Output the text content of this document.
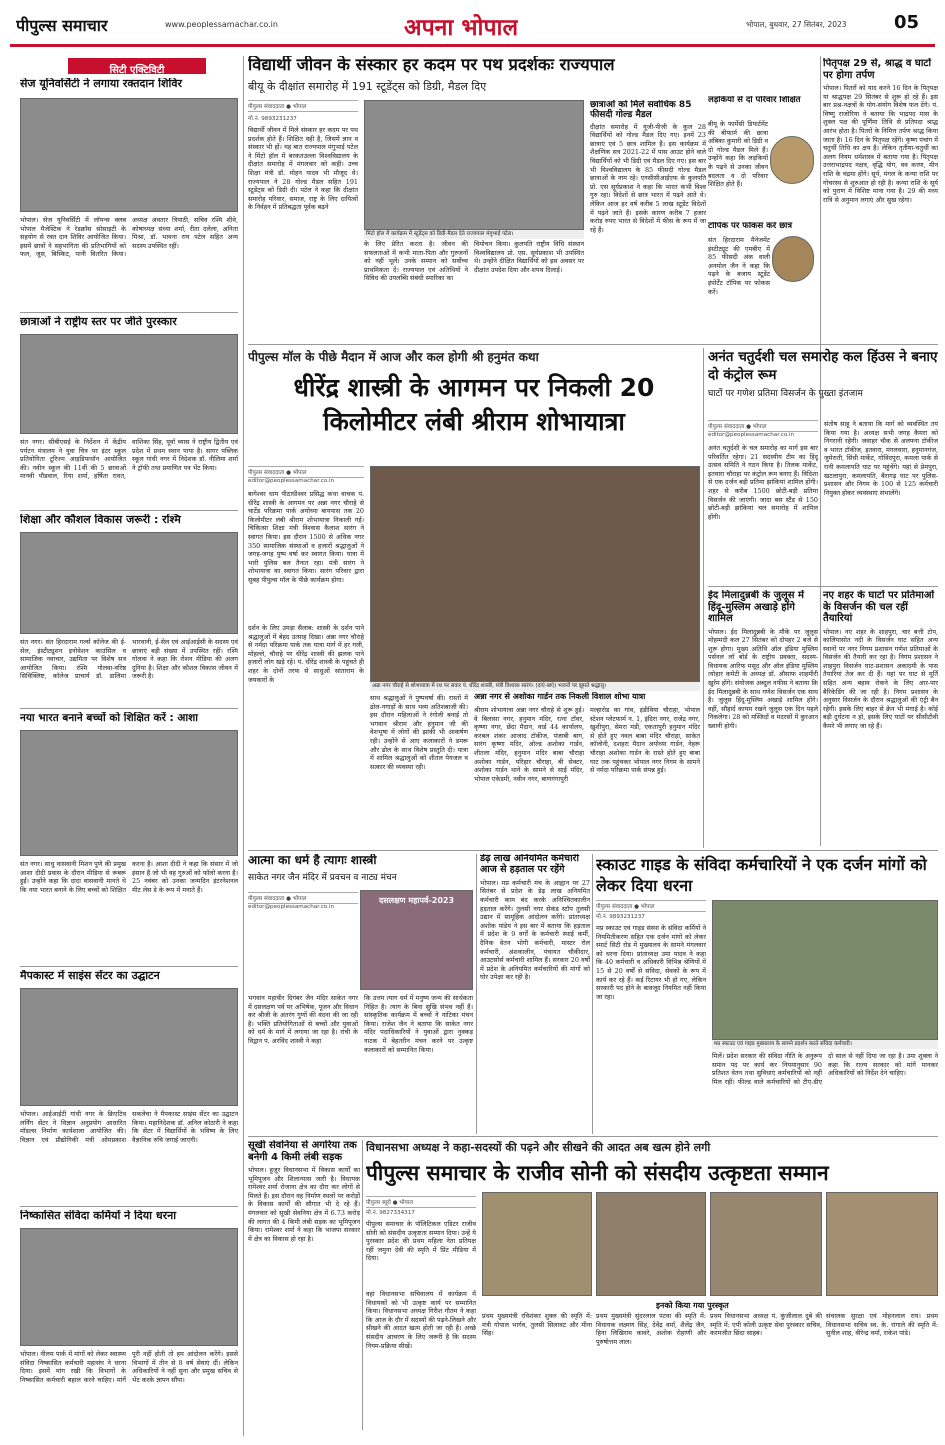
पीपुल्स समाचार	www.peoplessamachar.co.in	अपना भोपाल	भोपाल, बुधवार, 27 सितंबर, 2023	05
सिटी एक्टिविटी
सेज यूनिवर्सिटी ने लगाया रक्तदान शिविर
भोपाल। सेज यूनिवर्सिटी में लॉयन्स क्लब भोपाल मैजेस्टिक ने रेडक्रॉस सोसाइटी के सहयोग से रक्त दान शिविर आयोजित किया। इसमें छात्रों ने सहभागिता की प्रतिभागियों को फल, जूस, बिस्किट, पानी वितरित किया। अध्यक्ष अवतार त्रिपाठी, सचिव रश्मि शीवे, कोषाध्यक्ष संध्या शर्मा, रीता दलेला, अनिता मिश्रा, डॉ. भावना राय पटेल सहित अन्य सदस्य उपस्थित रहीं।
छात्राओं ने राष्ट्रीय स्तर पर जीते पुरस्कार
संत नगर। सीबीएसई के निर्देशन में केंद्रीय पर्यटन मंत्रालय ने युवा चित्र पर इंटर स्कूल प्रतियोगिता टूरिज्म आइडियाथॉन आयोजित की। नवीन स्कूल की 11वीं की 5 छात्राओं मानवी पौडवाल, रिया शर्मा, हर्षिता रावत, वाशिका सिंह, पूर्वा व्यास ने राष्ट्रीय द्वितीय एवं प्रदेश में प्रथम स्थान पाया है। सागर पब्लिक स्कूल गांधी नगर में निदेशक डॉ. नीलिमा शर्मा ने ट्रॉफी तथा प्रमाणित पत्र भेंट किया।
शिक्षा और कौशल विकास जरूरी : रश्मि
संत नगर। संत हिरदाराम गर्ल्स कॉलेज की ई-सेल, इंस्टीट्यूशन इनोवेशन काउंसिल व सामाजिक नवाचार, उद्यमिता पर विशेष सत्र आयोजित किया। रश्मि गोलवा-वरिष्ठ सिविक्लिष्ट, कॉलेज प्राचार्य डॉ. डालिमा भारवानी, ई-सेल एवं आईआईसी के सदस्य एवं छात्राएं बड़ी संख्या में उपस्थित रहीं। रश्मि गोलवा ने कहा कि रोशन मीडिया की अलग दुनिया है। शिक्षा और कौशल विकास जीवन में जरूरी है।
नया भारत बनाने बच्चों को शिक्षित करें : आशा
संत नगर। साधु वासवानी मिशन पुणे की प्रमुख आशा दीदी प्रवास के दौरान मीडिया से रूबरू हुईं। उन्होंने कहा कि दादा वासवानी मानते थे कि नया भारत बनाने के लिए बच्चों को शिक्षित करना है। आशा दीदी ने कहा कि संसार में जो इंसान है जो भी वह गुरुओं को फॉलो करना है। 25 नवंबर को उनका जन्मदिन इंटरनेशनल मीट लेस डे के रूप में मनाते हैं।
मैपकास्ट में साइंस सेंटर का उद्घाटन
भोपाल। आईआईटी गांधी नगर के क्रिएटिव लर्निंग सेंटर ने विज्ञान अनुप्रयोग आधारित मॉडल्स निर्माण कार्यशाला आयोजित की। विज्ञान एवं प्रौद्योगिकी मंत्री ओमप्रकाश सकलेचा ने मैपकास्ट साइंस सेंटर का उद्घाटन किया। महानिदेशक डॉ. अनिल कोठारी ने कहा कि सेंटर में विद्यार्थियों के भविष्य के लिए वैज्ञानिक रुचि जगाई जाएगी।
निष्कासित संविदा कर्मियों ने दिया धरना
भोपाल। नीलम पार्क में मांगों को लेकर स्वास्थ्य संविदा निष्कासित कर्मचारी महासंघ ने धरना दिया। इसमें मांग रखी कि विभागों के निष्कासित कर्मचारी बहाल करने चाहिए। मांगें पूरी नहीं होती तो हम आंदोलन करेंगे। इससे विभागों में तीन से 8 वर्ष सेवाएं दीं। लेकिन अधिकारियों ने नहीं सुना और प्रमुख सचिव से भेंट करके ज्ञापन सौंपा।
विद्यार्थी जीवन के संस्कार हर कदम पर पथ प्रदर्शकः राज्यपाल
बीयू के दीक्षांत समारोह में 191 स्टूडेंट्स को डिग्री, मैडल दिए
पीपुल्स संवाददाता ● भोपाल
मो.नं. 9893231237
विद्यार्थी जीवन में मिले संस्कार हर कदम पर पथ प्रदर्शक होते हैं। शिक्षित वही है, जिसमें ज्ञान व संस्कार भी हों। यह बात राज्यपाल मंगुभाई पटेल ने मिंटो हॉल में बरकतउल्ला विश्वविद्यालय के दीक्षांत समारोह में मंगलवार को कही। उच्च शिक्षा मंत्री डॉ. मोहन यादव भी मौजूद थे। राज्यपाल ने 28 गोल्ड मैडल सहित 191 स्टूडेंट्स को डिग्री दी। पटेल ने कहा कि दीक्षांत समारोह परिवार, समाज, राष्ट्र के लिए दायित्वों के निर्वहन में प्रतिबद्धता पूर्वक बढ़ने
मिंटो हॉल में कार्यक्रम में स्टूडेंट्स को डिग्री-मैडल देते राज्यपाल मंगुभाई पटेल।
के लिए प्रेरित करता है। जीवन की सफलताओं में कभी माता-पिता और गुरुजनों को नहीं भूलें। उनके सम्मान को सर्वोच्च प्राथमिकता दें। राज्यपाल एवं अतिथियों ने विविध की उपलब्धि संबंधी स्मारिका का
विमोचन किया। कुलपति राष्ट्रीय विधि संस्थान विश्वविद्यालय प्रो. एस. सूर्यप्रकाश भी उपस्थित थे। उन्होंने दीक्षित विद्यार्थियों को इस अवसर पर दीक्षांत उपदेश दिया और शपथ दिलाई।
छात्राओं को मिले सर्वाधिक 85 फीसदी गोल्ड मैडल
दीक्षांत समारोह में यूजी-पीजी के कुल 28 विद्यार्थियों को गोल्ड मैडल दिए गए। इनमें 23 छात्राएं एवं 5 छात्र शामिल हैं। इस कार्यक्रम में शैक्षणिक सत्र 2021-22 में पास आउट होने वाले विद्यार्थियों को भी डिग्री एवं मैडल दिए गए। इस बार भी विश्वविद्यालय के 85 फीसदी गोल्ड मैडल छात्राओं के नाम रहे। एनसीसीआईएफ के कुलपति प्रो. एस सूर्यप्रकाश ने कहा कि भारत कभी विश्व गुरु रहा। विदेशों से छात्र भारत में पढ़ने आते थे। लेकिन आज हर वर्ष करीब 5 लाख स्टूडेंट विदेशों में पढ़ने जाते हैं। इसके कारण करीब 7 हजार करोड़ रुपए भारत से विदेशों में फीस के रूप में जा रहे हैं।
लड़कियों से दो परिवार शिक्षित
बीयू के फार्मेसी डिपार्टमेंट की बीफार्म की छात्रा अंबिका कुमारी को डिग्री व दो गोल्ड मैडल मिले हैं। उन्होंने कहा कि लड़कियों के पढ़ने से उनका जीवन बदलता व दो परिवार शिक्षित होते हैं।
टॉपिक पर फोकस करें छात्र
संत हिरदाराम मैनेजमेंट इंस्टीट्यूट की एमबीए में 85 फीसदी अंक वाली अनमोल जैन ने कहा कि पढ़ने के बजाय स्टूडेंट इंपोर्टेंट टॉपिक पर फोकस करें।
पितृपक्ष 29 से, श्राद्ध व घाटों पर होगा तर्पण
भोपाल। पितरों को याद करने 16 दिन के पितृपक्ष या श्राद्धपक्ष 29 सितंबर से शुरू हो रहे हैं। इस बार प्रश्न-नक्षत्रों के योग-संयोग विशेष फल देंगे। पं. विष्णु राजोरिया ने बताया कि भाद्रपद मास के शुक्ल पक्ष की पूर्णिमा तिथि से प्रतिपदा श्राद्ध आरंभ होता है। पितरों के निमित्त तर्पण श्राद्ध किया जाता है। 16 दिन के पितृपक्ष रहेंगे। कृष्ण पंचांग में चतुर्थी तिथि का क्षय है। लेकिन तृतीया-चतुर्थी का अलग नियम धर्मशास्त्र में बताया गया है। पितृपक्ष उत्तराभाद्रपद नक्षत्र, वृद्धि योग, वव करण, मीन राशि के चंद्रमा होंगे। सूर्य, मंगल के कन्या राशि पर गोचरस्थ से शुरुआत हो रही है। कन्या राशि के सूर्य को पुराण में विशिष्ट माना गया है। 29 की मध्य रात्रि से अनुमान लगाएं और सुख रहेगा।
पीपुल्स मॉल के पीछे मैदान में आज और कल होगी श्री हनुमंत कथा
धीरेंद्र शास्त्री के आगमन पर निकली 20 किलोमीटर लंबी श्रीराम शोभायात्रा
पीपुल्स संवाददाता ● भोपाल
editor@peoplessamachar.co.in
बागेश्वर धाम पीठाधीश्वर प्रसिद्ध कथा वाचक पं. धीरेंद्र शास्त्री के आगमन पर अन्ना नगर चौराहे से चार्टेड परिक्रमा पार्क अयोध्या बायपास तक 20 किलोमीटर लंबी श्रीराम शोभायात्रा निकाली गई। चिकित्सा शिक्षा मंत्री विश्वास कैलाश सारंग ने स्वागत किया। इस दौरान 1500 से अधिक नगर 350 सामाजिक संस्थाओं व हजारों श्रद्धालुओं ने जगह-जगह पुष्प वर्षा कर स्वागत किया। यात्रा में भारी पुलिस बल तैनात रहा। मंत्री सारंग ने शोभायात्रा का स्वागत किया। सारंग परिवार द्वारा सुबह पीपुल्स मॉल के पीछे कार्यक्रम होगा।
दर्शन के लिए उमड़ा सैलाब: शास्त्री के दर्शन पाने श्रद्धालुओं में बेहद उत्साह दिखा। अन्ना नगर चौराहे से नर्मदा परिक्रमा पार्क तक यात्रा मार्ग में हर गली, मोहल्ले, चौराहे पर धीरेंद्र शास्त्री की झलक पाने हजारों लोग खड़े रहे। पं. धीरेंद्र शास्त्री के पहुंचते ही शहर के दोनों तरफ से साधुओं सांताराम के जयकारों के
अन्ना नगर चौराहे से शोभायात्रा में रथ पर सवार पं. धीरेंद्र शास्त्री, मंत्री विश्वास सारंग। (दाएं-बाएं) भजनों पर झूमते श्रद्धालु।
साथ श्रद्धालुओं ने पुष्पवर्षा की। रास्तों में ढोल-नगाड़ों के साथ भव्य अतिशबाजी की। इस दौरान महिलाओं ने रंगोली बनाई तो भगवान श्रीराम और हनुमान जी की वेशभूषा में लोगों की झांकी भी आकर्षण रही। उन्होंने से आए कलाकारों ने डमरू और ढोल के साथ विशेष प्रस्तुति दी। यात्रा में शामिल श्रद्धालुओं को शीतल पेयजल व सत्कार की व्यवस्था रही।
अन्ना नगर से अशोका गार्डन तक निकली विशाल शोभा यात्रा
श्रीराम शोभायात्रा अन्ना नगर चौराहे से शुरू हुई। वे बिलासा नगर, हनुमान मंदिर, रत्ना टॉवर, कृष्णा नगर, छेंदा मैदान, वार्ड 44 कार्यालय, करबल शंकर आजाद टॉकीज, पंजाबी बाग, सारंग कृष्णा मंदिर, ओल्ड अशोका गार्डन, शीतला मंदिर, हनुमान मंदिर बाबा चौराहा अशोका गार्डन, परिहार चौराहा, बी सेक्टर, अशोका गार्डन थाने के सामने से साईं मंदिर, भोपाल एकेडमी, नवीन नगर, बाणगंगापुरी
मल्हारोड का गांव, इंडीविया चौराहा, भोपाल स्टेशन प्लेटफार्म न. 1, इंदिरा नगर, राजेंद्र नगर, खुशीपुरा, सेमरा मंडी, एकतापुरी हनुमान मंदिर से होते हुए नवल बाबा मंदिर चौराहा, साकेत कॉलोनी, दशहरा मैदान अयोध्या गार्डन, नेहरू चौराहा अशोका गार्डन के रास्ते होते हुए बाबा घाट तक पहुंचकर भोपाल नगर निगम के सामने से नर्मदा परिक्रमा पार्क संपन्न हुई।
अनंत चतुर्दशी चल समारोह कल हिंउस ने बनाए दो कंट्रोल रूम
घाटों पर गणेश प्रतिमा विसर्जन के पुख्ता इंतजाम
पीपुल्स संवाददाता ● भोपाल
editor@peoplessamachar.co.in
अनंत चतुर्दशी के चल समारोह का मार्ग इस बार परिवर्तित रहेगा। 21 सदस्यीय टीम का हिंदू उत्सव समिति ने गठन किया है। तिलक मार्केट, इतवारा चौराहा पर कंट्रोल रूम बनाए हैं। विदिशा से एक दर्जन बड़ी प्रतिमा झांकियां शामिल होंगी। शहर से करीब 1500 छोटी-बड़ी प्रतिमा विसर्जन की जाएंगी। जादा बस स्टैंड से 150 छोटी-बड़ी झांकियां चल समारोह में शामिल होंगी।
संतोष साहू ने बताया कि मार्ग को व्यवस्थित तय किया गया है। अध्यक्ष सभी जगह कैमरा को निगरानी रहेगी। जवाहर चौक से अलफ्ना टॉकीज व भारत टॉकीज, इतवारा, मंगलवारा, हनुमानगंज, जुमेराती, सिंधी मार्केट, गोविंदपुरा, कमला पार्क से रानी कमलापति घाट पर पहुंचेंगे। यहां से प्रेमपुरा, खटलापुरा, कमलापति, बैरागढ़ घाट पर पुलिस-प्रशासन और निगम के 100 से 125 कर्मचारी नियुक्त होकर व्यवस्थाएं संभालेंगे।
ईद मिलादुन्नबी के जुलूस में हिंदू-मुस्लिम अखाड़े होंगे शामिल
भोपाल। ईद मिलादुन्नबी के मौके पर जुलूस मोहम्मदी कल 27 सितंबर को दोपहर 2 बजे से शुरू होगा। मुख्य अतिथि ऑल इंडिया मुस्लिम पर्सनल लॉ बोर्ड के राष्ट्रीय प्रवक्ता, सदस्य-विधायक आरिफ मसूद और ऑल इंडिया मुस्लिम त्योहार कमेटी के अध्यक्ष डॉ. औसाफ शाहमीरी खुर्रम होंगे। संयोजक अब्दुल नफीस ने बताया कि ईद मिलादुन्नबी के साथ गणेश विसर्जन एक साथ है। जुलूस हिंदू-मुस्लिम अखाड़े शामिल होंगे। वहीं, सौहार्द कायम रखने जुलूस एक दिन पहले निकलेगा। 28 को मस्जिदों व मदरसों में कुरआन ख्वानी होगी।
नए शहर के घाटों पर प्रतिमाओं के विसर्जन की चल रहीं तैयारियां
भोपाल। नए शहर के शाहपुरा, चार बत्ती टोप, कालियासोत नदी के विसर्जन घाट सहित अन्य स्थानों पर नगर निगम प्रशासन गणेश प्रतिमाओं के विसर्जन की तैयारी कर रहा है। निगम प्रशासन ने शाहपुरा विसर्जन घाट-प्रशासन अकादमी के पास तैयारियां तेज कर दी हैं। यहां पर घाट से मूर्ति सहित अन्य बहाव रोकने के लिए आर-पार बैरिकेडिंग की जा रही है। निगम प्रशासन के अनुसार विसर्जन के दौरान श्रद्धालुओं की एंट्री बैन रहेगी। इसके लिए बाहर से क्रेन भी मंगाई है। कोई बड़ी दुर्घटना न हो, इसके लिए घाटों पर सीसीटीवी कैमरे भी लगाए जा रहे हैं।
आत्मा का धर्म है त्यागः शास्त्री
साकेत नगर जैन मंदिर में प्रवचन व नाट्य मंचन
पीपुल्स संवाददाता ● भोपाल
editor@peoplessamachar.co.in
दसलक्षण महापर्व-2023
भगवान महावीर दिगंबर जैन मंदिर साकेत नगर में दसलक्षण पर्व पर अभिषेक, पूजन और विधान कर श्रीजी के अंतरंग गुणों की वंदना की जा रही है। भक्ति प्रतियोगिताओं से बच्चों और युवाओं को धर्म के मार्ग में लगाया जा रहा है। रांची के विद्वान पं. अरविंद शास्त्री ने कहा
कि उत्तम त्याग धर्म में मनुष्य जन्म की सार्थकता निहित है। त्याग के बिना सुखि संभव नहीं है। सांस्कृतिक कार्यक्रम में बच्चों ने नाटिका मंचन किया। राजेश जैन ने बताया कि साकेत नगर मंदिर पदाधिकारियों ने युवाओं द्वारा नुक्कड़ नाटक में बेहतरीन मंचन करने पर उत्कृष्ट कलाकारों को सम्मानित किया।
डेढ़ लाख अनियमित कर्मचारी आज से हड़ताल पर रहेंगे
भोपाल। मप्र कर्मचारी मंच के आह्वान पर 27 सितंबर से प्रदेश के डेढ़ लाख अनियमित कर्मचारी काम बंद करके अनिश्चितकालीन हड़ताल करेंगे। तुलसी नगर सेकंड स्टॉप तुलसी उद्यान में सामूहिक आंदोलन करेंगे। प्रांताध्यक्ष अशोक पांडेय ने इस बार में बताया कि हड़ताल में प्रदेश के 9 वर्गों के कर्मचारी स्थाई कर्मी, दैनिक वेतन भोगी कर्मचारी, मास्टर रोल कर्मचारी, अंशकालीन, पंचायत चौकीदार, आउटसोर्स कर्मचारी शामिल हैं। सरकार 20 वर्षों में प्रदेश के अनियमित कर्मचारियों की मांगों को घोर उपेक्षा कर रही है।
स्काउट गाइड के संविदा कर्मचारियों ने एक दर्जन मांगों को लेकर दिया धरना
पीपुल्स संवाददाता ● भोपाल
मो.नं. 9893231237
मप्र स्काउट एवं गाइड संस्था के संविदा कर्मियों ने नियमितीकरण सहित एक दर्जन मांगों को लेकर स्मार्ट सिटी रोड में मुख्यालय के सामने मंगलवार को धरना दिया। प्रांताध्यक्ष उमा यादव ने कहा कि 40 कर्मचारी व अधिकारी विभिन्न श्रेणियों में 15 से 20 वर्षों से संविदा, सेवकों के रूप में कार्य कर रहे हैं। कई रिटायर भी हो गए, लेकिन सरकारी पद होने के बावजूद नियमित नहीं किया जा रहा।
मप्र स्काउट एवं गाइड मुख्यालय के सामने प्रदर्शन करते संविदा कर्मचारी।
मिलें। प्रदेश सरकार की संविदा नीति के अनुरूप समान पद पर कार्य कर नियमानुसार 90 प्रतिशत वेतन तथा सुविधाएं कर्मचारियों को नहीं मिल रहीं। फील्ड वाले कर्मचारियों को टीए-डीए दो साल से नहीं दिया जा रहा है। उमा शुक्ला ने कहा कि राज्य सरकार को मांगें मानकर अधिकारियों को निर्देश देने चाहिए।
सूखी सेवनिया से अगरिया तक बनेगी 4 किमी लंबी सड़क
भोपाल। हुजूर विधानसभा में विकास कार्यों का भूमिपूजन और शिलान्यास जारी है। विधायक रामेश्वर शर्मा रोजाना क्षेत्र का दौरा कर लोगों से मिलते हैं। इस दौरान वह निर्माण स्थलों पर करोड़ों के विकास कार्यों की सौगात भी दे रहे हैं। मंगलवार को सूखी सेवनिया क्षेत्र में 6.73 करोड़ की लागत की 4 किमी लंबी सड़क का भूमिपूजन किया। रामेश्वर शर्मा ने कहा कि भाजपा सरकार में क्षेत्र का विकास हो रहा है।
विधानसभा अध्यक्ष ने कहा-सदस्यों की पढ़ने और सीखने की आदत अब खत्म होने लगी
पीपुल्स समाचार के राजीव सोनी को संसदीय उत्कृष्टता सम्मान
पीपुल्स ब्यूरो ● भोपाल
मो.नं. 9827334317
पीपुल्स समाचार के पॉलिटिकल एडिटर राजीव सोनी को संसदीय उत्कृष्टता सम्मान दिया। उन्हें ये पुरस्कार प्रदेश की प्रथम महिला नेता प्रतिपक्ष रहीं जमुना देवी की स्मृति में प्रिंट मीडिया में दिया।
वहां विधानसभा सचिवालय में कार्यक्रम में विधायकों को भी उत्कृष्ट कार्य पर सम्मानित किया। विधानसभा अध्यक्ष गिरीश गौतम ने कहा कि आज के दौर में सदस्यों की पढ़ने-लिखने और सीखने की आदत खत्म होती जा रही है। अच्छे संसदीय आचरण के लिए जरूरी है कि सदस्य नियम-प्रक्रिया सीखें।
इनको किया गया पुरस्कृत
प्रथम मुख्यमंत्री रविशंकर शुक्ल की स्मृति में: मंत्री गोपाल भार्गव, तुलसी सिलावट और मीना सिंह।
प्रथम मुख्यमंत्री सुंदरलाल पटवा की स्मृति में: विधायक लक्ष्मण सिंह, देवेंद्र वर्मा, शैलेंद्र जैन, हिना लिखिराम कावरे, अशोक रोहाणी और पुरुषोत्तम लाल।
प्रथम विधानसभा अध्यक्ष पं. कुंजीलाल दुबे की स्मृति में: एपी कोली उत्कृष्ट सेवा पुरस्कार सचिव, करमजीत छिंदा साहब।
संचालक सुरक्षा एवं मोहनलाल राय। प्रथम विधानसभा सचिव स्व. के. रांगाले की स्मृति में: सुनील शाह, वीरेन्द्र वर्मा, राकेश पांडे।
